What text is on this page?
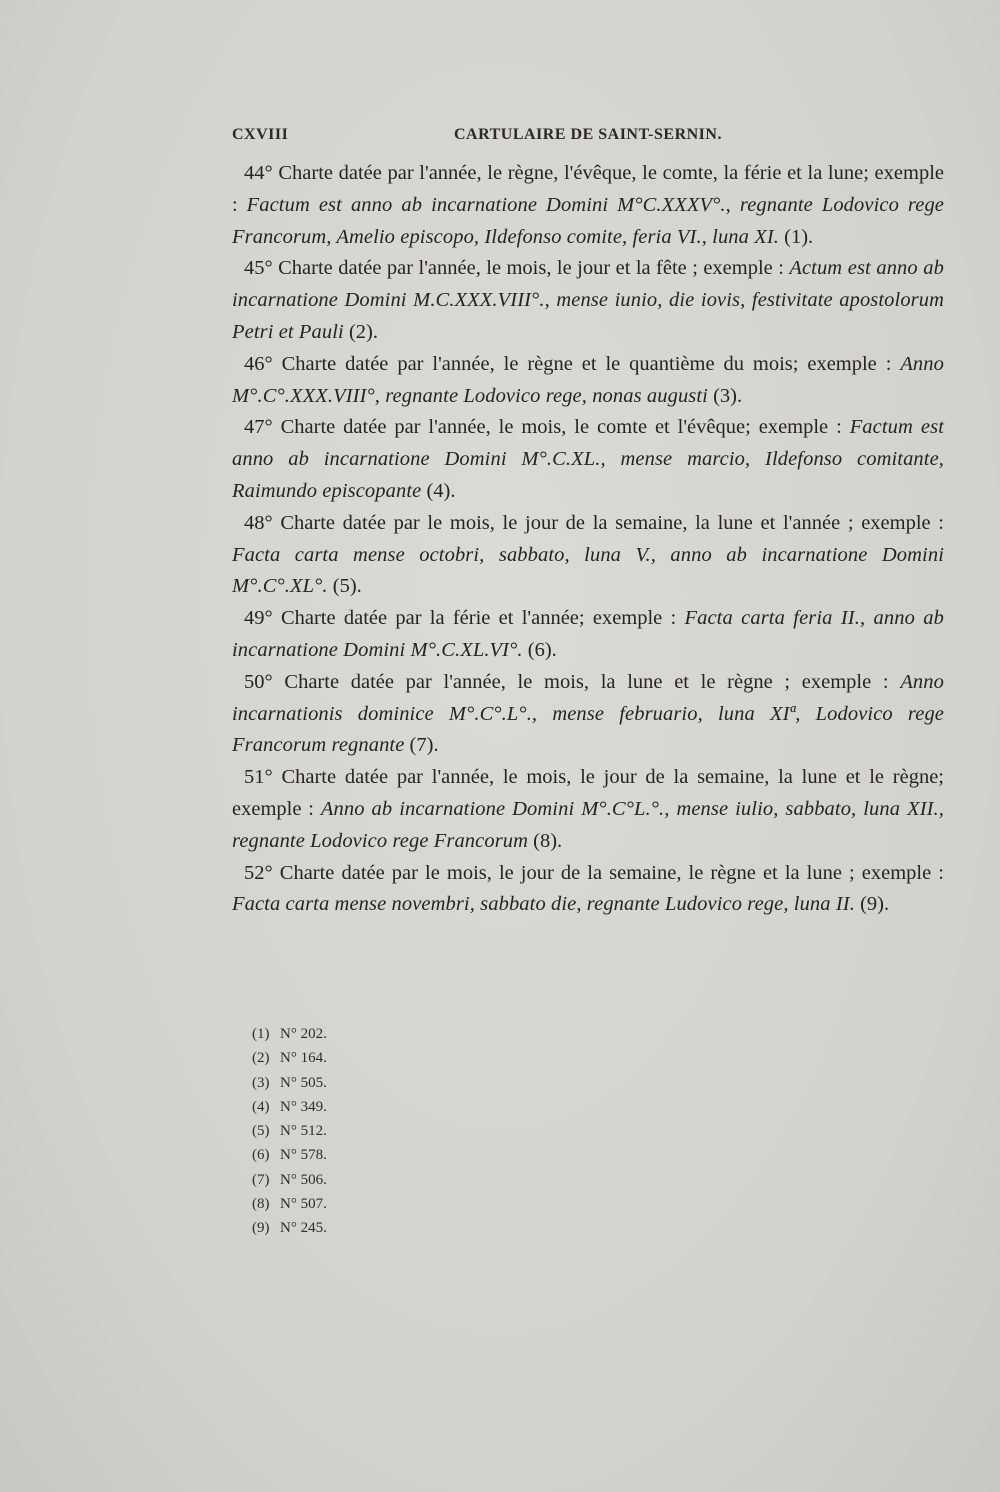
CXVIII	CARTULAIRE DE SAINT-SERNIN.

44° Charte datée par l'année, le règne, l'évêque, le comte, la férie et la lune; exemple : Factum est anno ab incarnatione Domini M°C.XXXV°., regnante Lodovico rege Francorum, Amelio episcopo, Ildefonso comite, feria VI., luna XI. (1).

45° Charte datée par l'année, le mois, le jour et la fête ; exemple : Actum est anno ab incarnatione Domini M.C.XXX.VIII°., mense iunio, die iovis, festivitate apostolorum Petri et Pauli (2).

46° Charte datée par l'année, le règne et le quantième du mois; exemple : Anno M°.C°.XXX.VIII°, regnante Lodovico rege, nonas augusti (3).

47° Charte datée par l'année, le mois, le comte et l'évêque; exemple : Factum est anno ab incarnatione Domini M°.C.XL., mense marcio, Ildefonso comitante, Raimundo episcopante (4).

48° Charte datée par le mois, le jour de la semaine, la lune et l'année ; exemple : Facta carta mense octobri, sabbato, luna V., anno ab incarnatione Domini M°.C°.XL°. (5).

49° Charte datée par la férie et l'année; exemple : Facta carta feria II., anno ab incarnatione Domini M°.C.XL.VI°. (6).

50° Charte datée par l'année, le mois, la lune et le règne ; exemple : Anno incarnationis dominice M°.C°.L°., mense februario, luna XIª, Lodovico rege Francorum regnante (7).

51° Charte datée par l'année, le mois, le jour de la semaine, la lune et le règne; exemple : Anno ab incarnatione Domini M°.C°L.°., mense iulio, sabbato, luna XII., regnante Lodovico rege Francorum (8).

52° Charte datée par le mois, le jour de la semaine, le règne et la lune ; exemple : Facta carta mense novembri, sabbato die, regnante Ludovico rege, luna II. (9).

(1) N° 202.
(2) N° 164.
(3) N° 505.
(4) N° 349.
(5) N° 512.
(6) N° 578.
(7) N° 506.
(8) N° 507.
(9) N° 245.
